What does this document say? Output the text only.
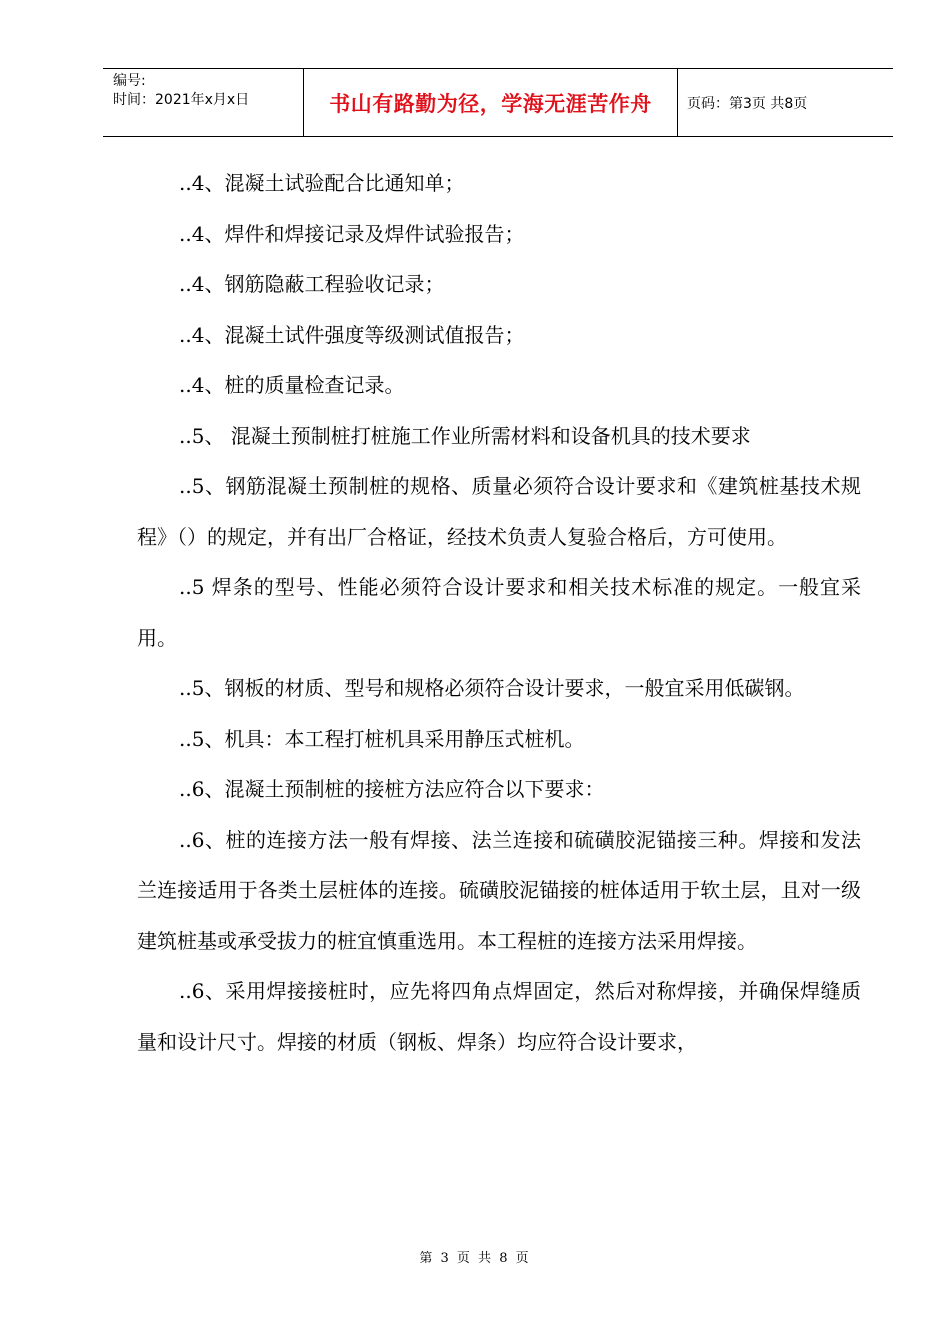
编号:
时间：2021年x月x日	书山有路勤为径，学海无涯苦作舟	页码：第3页 共8页

..4、混凝土试验配合比通知单；

..4、焊件和焊接记录及焊件试验报告；

..4、钢筋隐蔽工程验收记录；

..4、混凝土试件强度等级测试值报告；

..4、桩的质量检查记录。

..5、 混凝土预制桩打桩施工作业所需材料和设备机具的技术要求

..5、钢筋混凝土预制桩的规格、质量必须符合设计要求和《建筑桩基技术规程》（）的规定，并有出厂合格证，经技术负责人复验合格后，方可使用。

..5 焊条的型号、性能必须符合设计要求和相关技术标准的规定。一般宜采用。

..5、钢板的材质、型号和规格必须符合设计要求，一般宜采用低碳钢。

..5、机具：本工程打桩机具采用静压式桩机。

..6、混凝土预制桩的接桩方法应符合以下要求：

..6、桩的连接方法一般有焊接、法兰连接和硫磺胶泥锚接三种。焊接和发法兰连接适用于各类土层桩体的连接。硫磺胶泥锚接的桩体适用于软土层，且对一级建筑桩基或承受拔力的桩宜慎重选用。本工程桩的连接方法采用焊接。

..6、采用焊接接桩时，应先将四角点焊固定，然后对称焊接，并确保焊缝质量和设计尺寸。焊接的材质（钢板、焊条）均应符合设计要求，

第 3 页 共 8 页
